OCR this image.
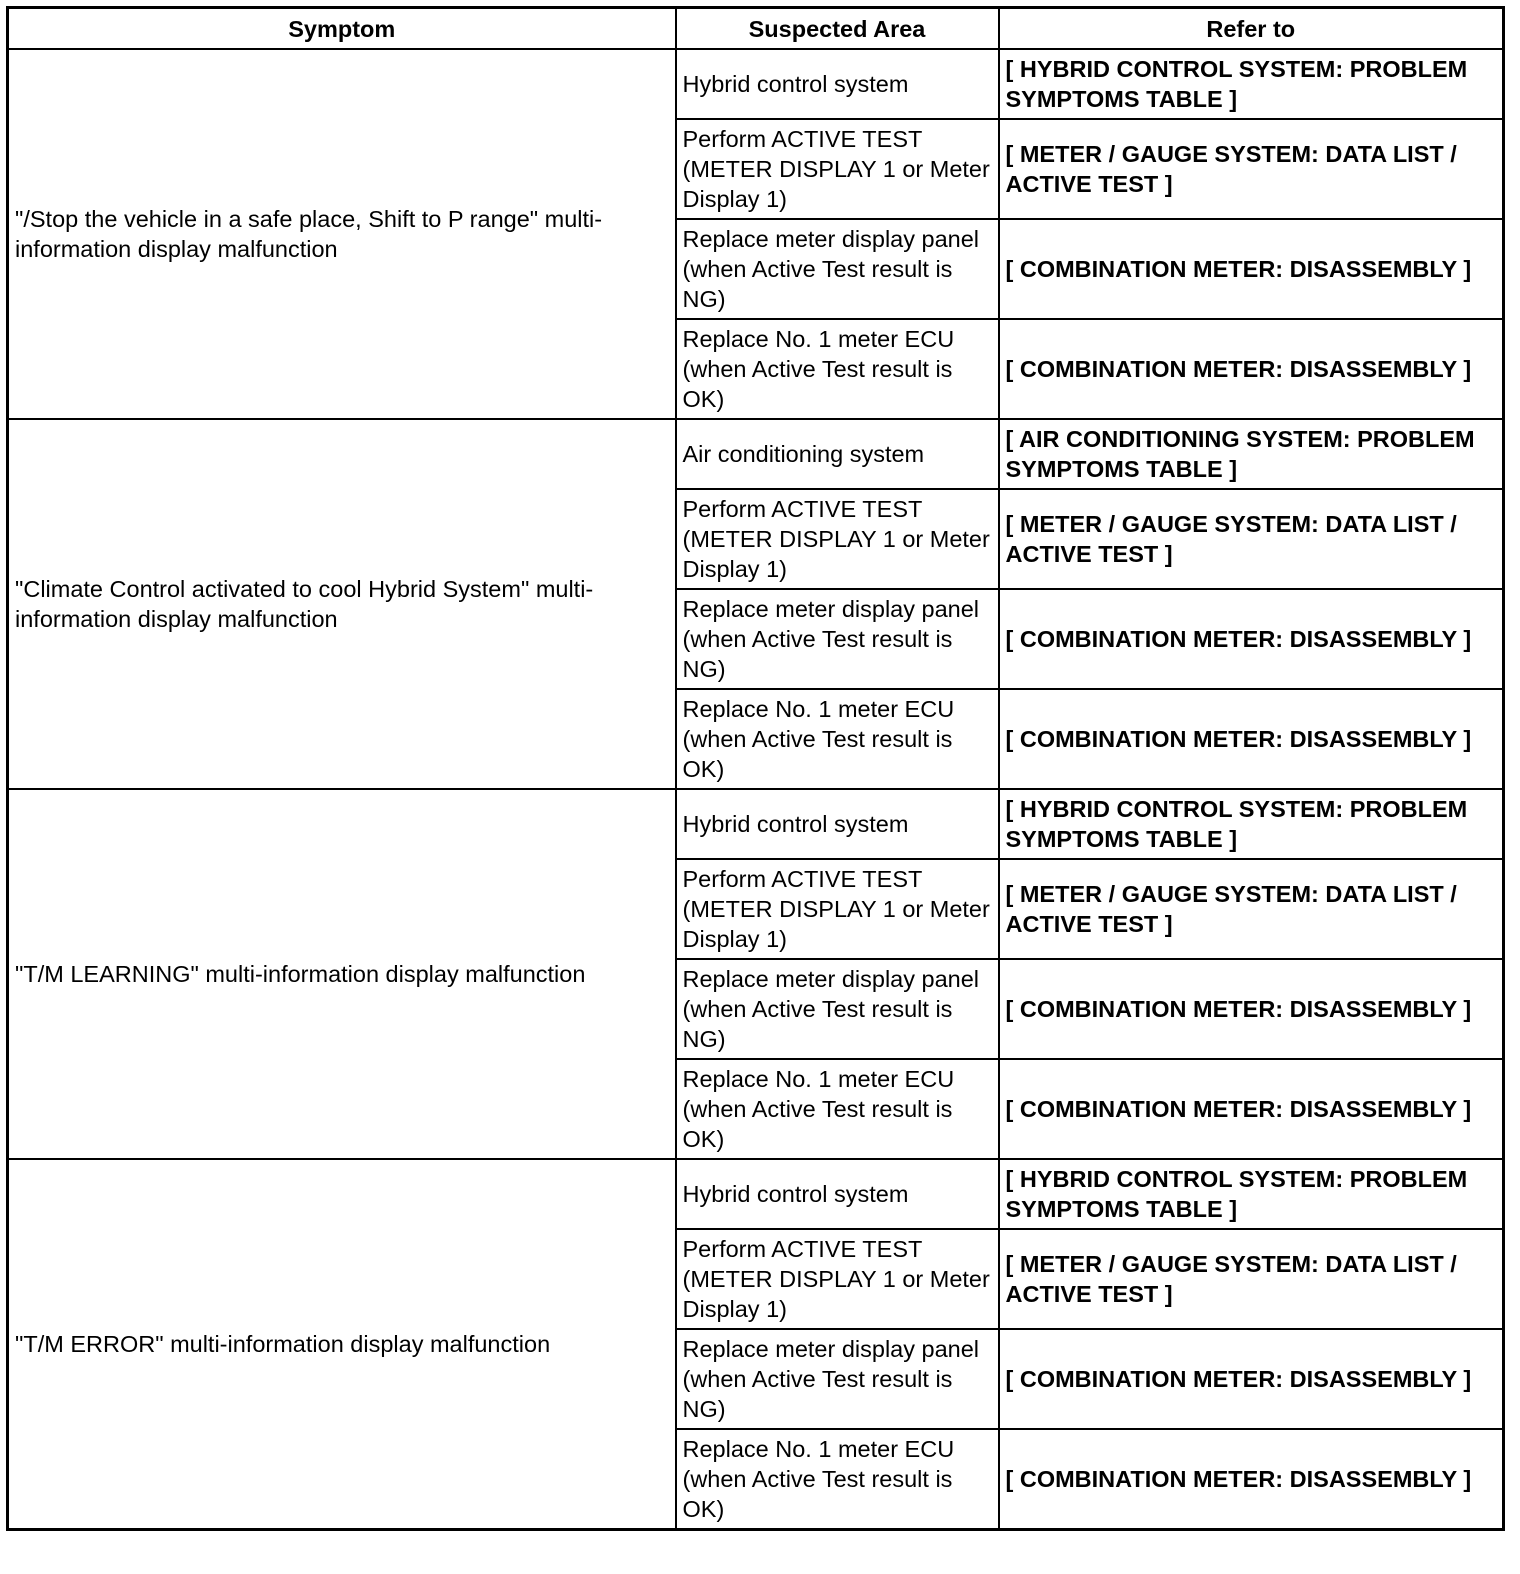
Symptom	Suspected Area	Refer to
"/Stop the vehicle in a safe place, Shift to P range" multi-information display malfunction	Hybrid control system	[ HYBRID CONTROL SYSTEM: PROBLEM SYMPTOMS TABLE ]
	Perform ACTIVE TEST (METER DISPLAY 1 or Meter Display 1)	[ METER / GAUGE SYSTEM: DATA LIST / ACTIVE TEST ]
	Replace meter display panel (when Active Test result is NG)	[ COMBINATION METER: DISASSEMBLY ]
	Replace No. 1 meter ECU (when Active Test result is OK)	[ COMBINATION METER: DISASSEMBLY ]
"Climate Control activated to cool Hybrid System" multi-information display malfunction	Air conditioning system	[ AIR CONDITIONING SYSTEM: PROBLEM SYMPTOMS TABLE ]
	Perform ACTIVE TEST (METER DISPLAY 1 or Meter Display 1)	[ METER / GAUGE SYSTEM: DATA LIST / ACTIVE TEST ]
	Replace meter display panel (when Active Test result is NG)	[ COMBINATION METER: DISASSEMBLY ]
	Replace No. 1 meter ECU (when Active Test result is OK)	[ COMBINATION METER: DISASSEMBLY ]
"T/M LEARNING" multi-information display malfunction	Hybrid control system	[ HYBRID CONTROL SYSTEM: PROBLEM SYMPTOMS TABLE ]
	Perform ACTIVE TEST (METER DISPLAY 1 or Meter Display 1)	[ METER / GAUGE SYSTEM: DATA LIST / ACTIVE TEST ]
	Replace meter display panel (when Active Test result is NG)	[ COMBINATION METER: DISASSEMBLY ]
	Replace No. 1 meter ECU (when Active Test result is OK)	[ COMBINATION METER: DISASSEMBLY ]
"T/M ERROR" multi-information display malfunction	Hybrid control system	[ HYBRID CONTROL SYSTEM: PROBLEM SYMPTOMS TABLE ]
	Perform ACTIVE TEST (METER DISPLAY 1 or Meter Display 1)	[ METER / GAUGE SYSTEM: DATA LIST / ACTIVE TEST ]
	Replace meter display panel (when Active Test result is NG)	[ COMBINATION METER: DISASSEMBLY ]
	Replace No. 1 meter ECU (when Active Test result is OK)	[ COMBINATION METER: DISASSEMBLY ]
